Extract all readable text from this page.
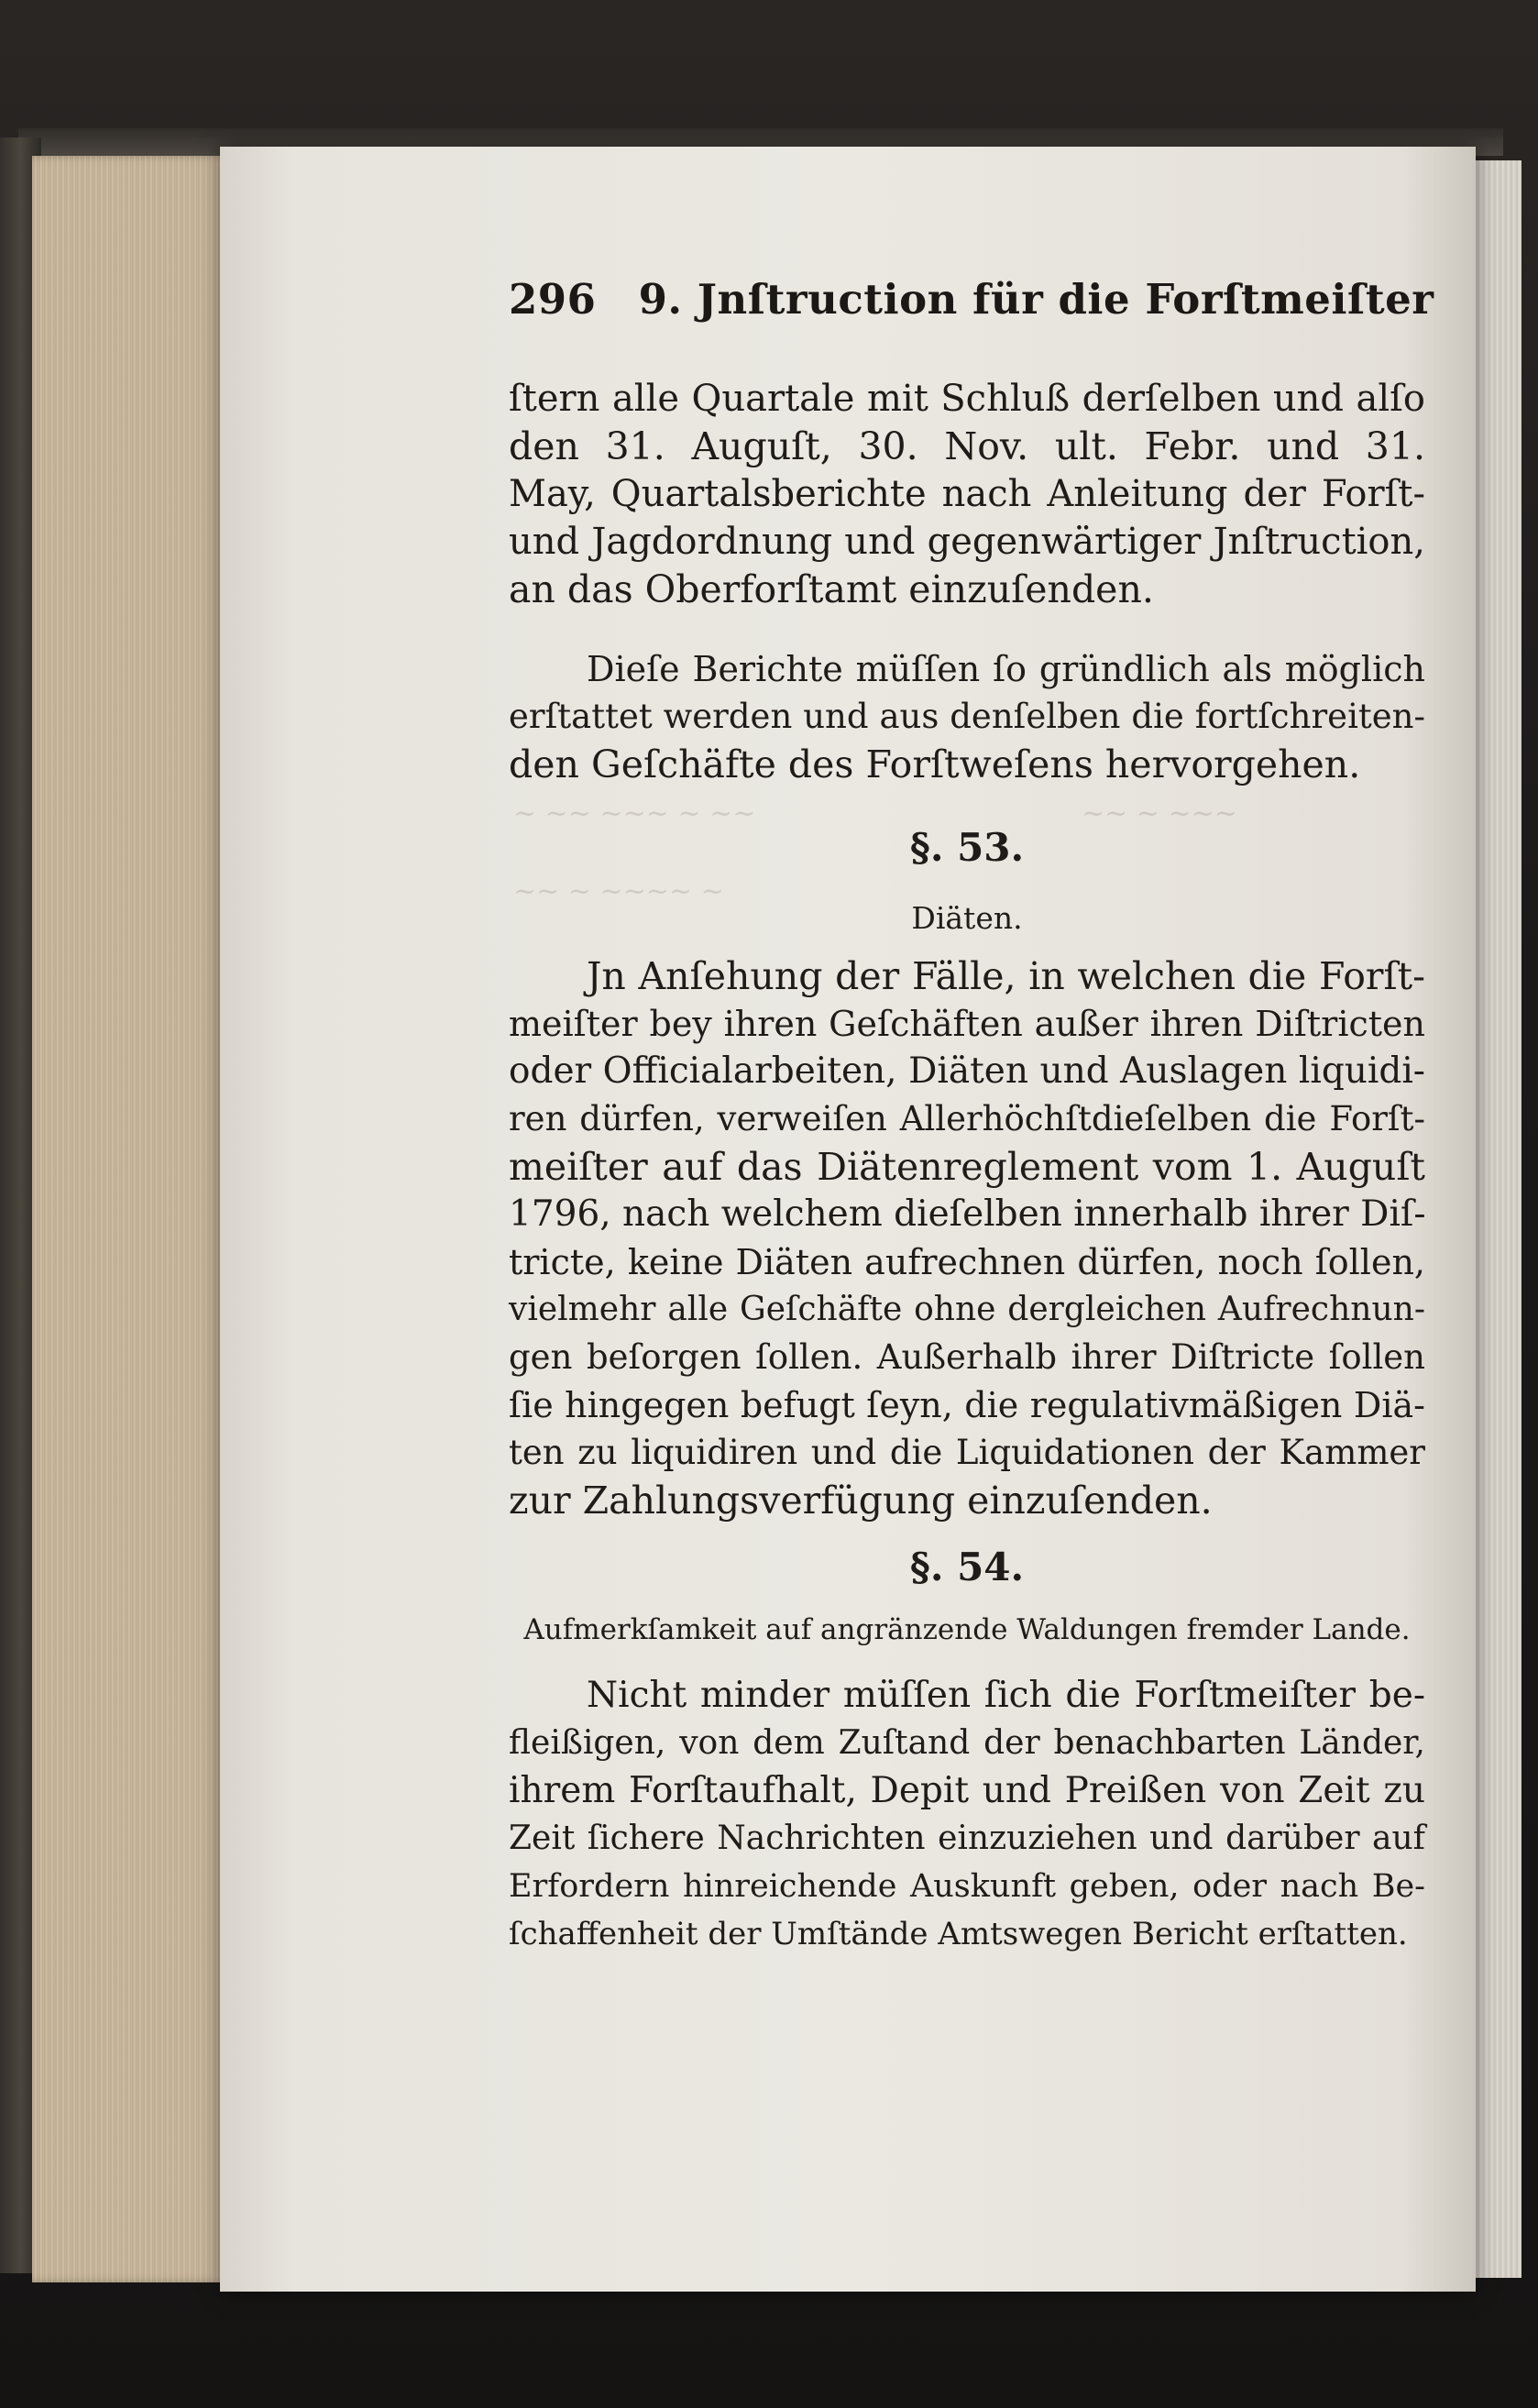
~ ~~ ~~~ ~ ~~	~~ ~ ~~~
~~ ~ ~~~~ ~
296 9. Jnſtruction für die Forſtmeiſter
ſtern alle Quartale mit Schluß derſelben und alſo
den 31. Auguſt, 30. Nov. ult. Febr. und 31.
May, Quartalsberichte nach Anleitung der Forſt-
und Jagdordnung und gegenwärtiger Jnſtruction,
an das Oberforſtamt einzuſenden.
Dieſe Berichte müſſen ſo gründlich als möglich
erſtattet werden und aus denſelben die fortſchreiten-
den Geſchäfte des Forſtweſens hervorgehen.
§. 53.
Diäten.
Jn Anſehung der Fälle, in welchen die Forſt-
meiſter bey ihren Geſchäften außer ihren Diſtricten
oder Officialarbeiten, Diäten und Auslagen liquidi-
ren dürfen, verweiſen Allerhöchſtdieſelben die Forſt-
meiſter auf das Diätenreglement vom 1. Auguſt
1796, nach welchem dieſelben innerhalb ihrer Diſ-
tricte, keine Diäten aufrechnen dürfen, noch ſollen,
vielmehr alle Geſchäfte ohne dergleichen Aufrechnun-
gen beſorgen ſollen. Außerhalb ihrer Diſtricte ſollen
ſie hingegen befugt ſeyn, die regulativmäßigen Diä-
ten zu liquidiren und die Liquidationen der Kammer
zur Zahlungsverfügung einzuſenden.
§. 54.
Aufmerkſamkeit auf angränzende Waldungen fremder Lande.
Nicht minder müſſen ſich die Forſtmeiſter be-
fleißigen, von dem Zuſtand der benachbarten Länder,
ihrem Forſtaufhalt, Depit und Preißen von Zeit zu
Zeit ſichere Nachrichten einzuziehen und darüber auf
Erfordern hinreichende Auskunft geben, oder nach Be-
ſchaffenheit der Umſtände Amtswegen Bericht erſtatten.
